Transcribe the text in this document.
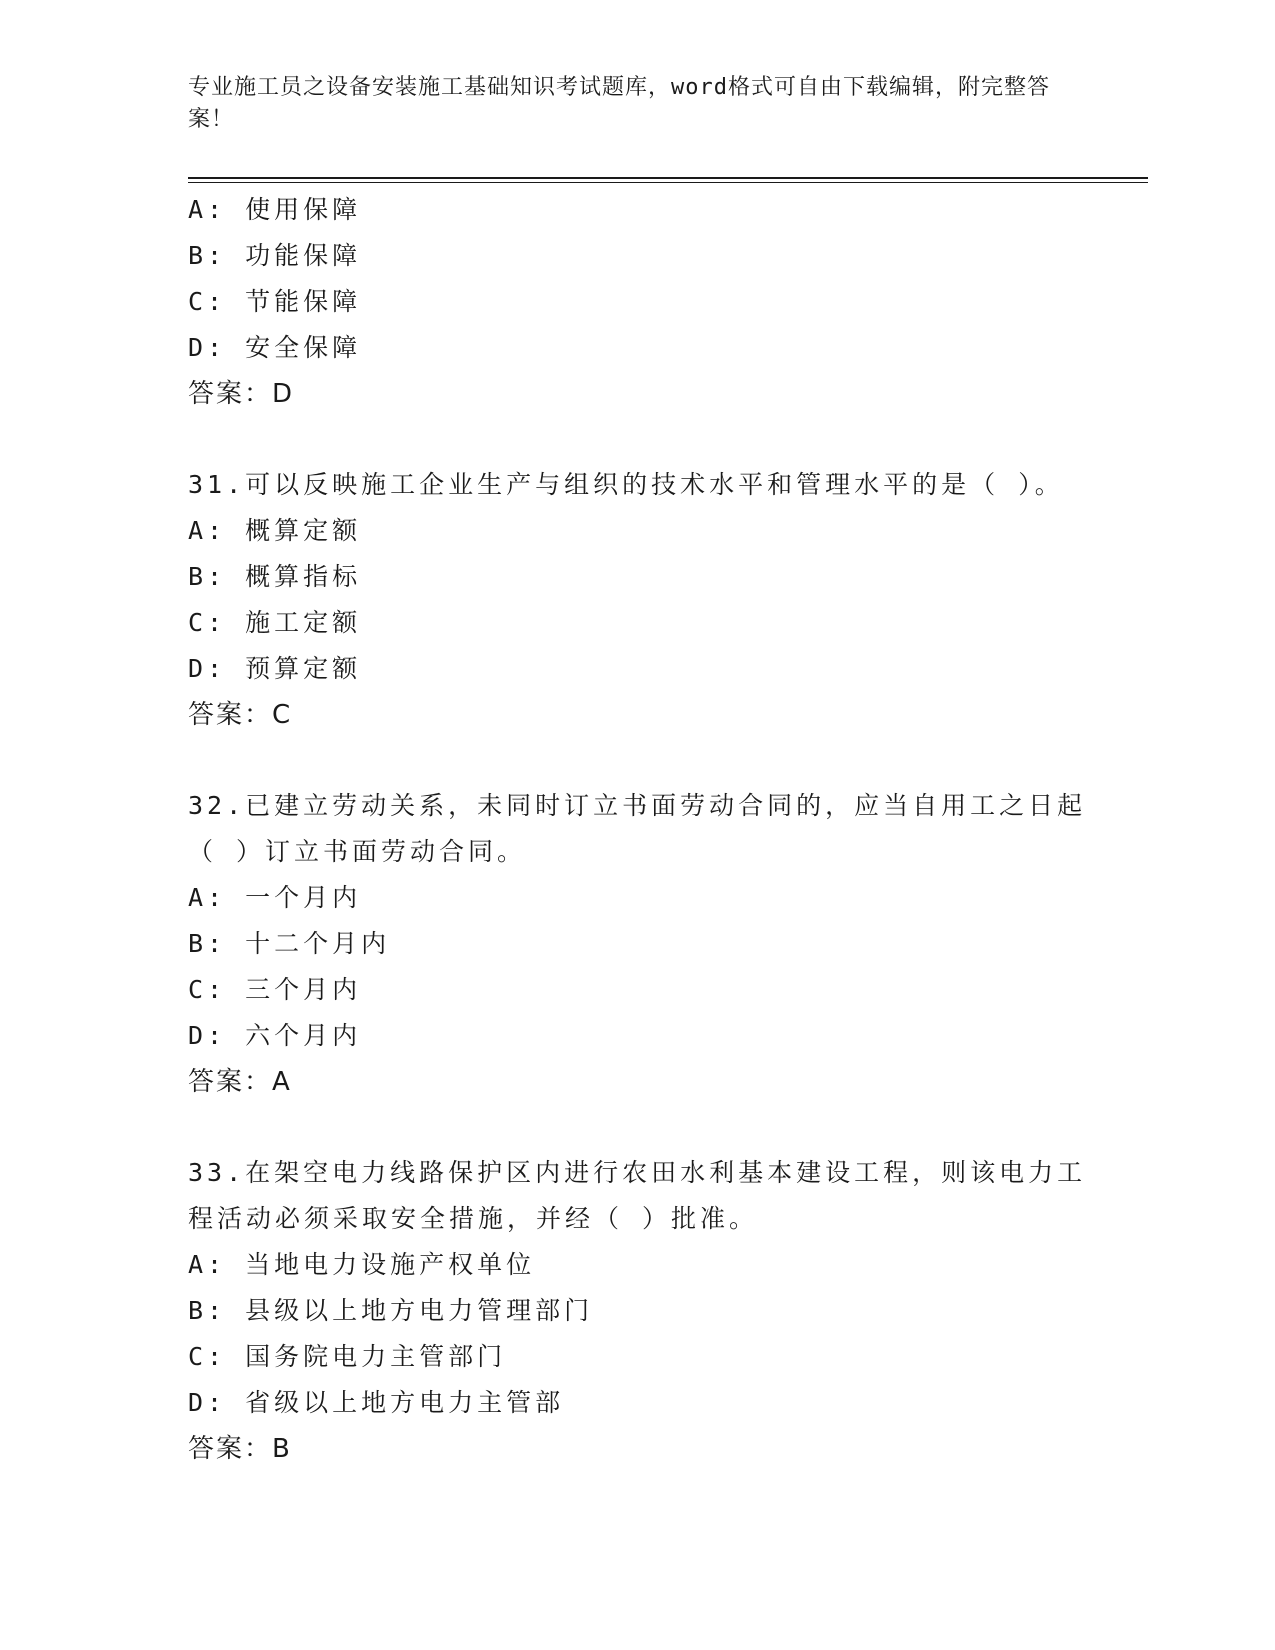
专业施工员之设备安装施工基础知识考试题库，word格式可自由下载编辑，附完整答案！
A: 使用保障
B: 功能保障
C: 节能保障
D: 安全保障
答案：D
31.可以反映施工企业生产与组织的技术水平和管理水平的是（ ）。
A: 概算定额
B: 概算指标
C: 施工定额
D: 预算定额
答案：C
32.已建立劳动关系，未同时订立书面劳动合同的，应当自用工之日起（ ）订立书面劳动合同。
A: 一个月内
B: 十二个月内
C: 三个月内
D: 六个月内
答案：A
33.在架空电力线路保护区内进行农田水利基本建设工程，则该电力工程活动必须采取安全措施，并经（ ）批准。
A: 当地电力设施产权单位
B: 县级以上地方电力管理部门
C: 国务院电力主管部门
D: 省级以上地方电力主管部
答案：B
